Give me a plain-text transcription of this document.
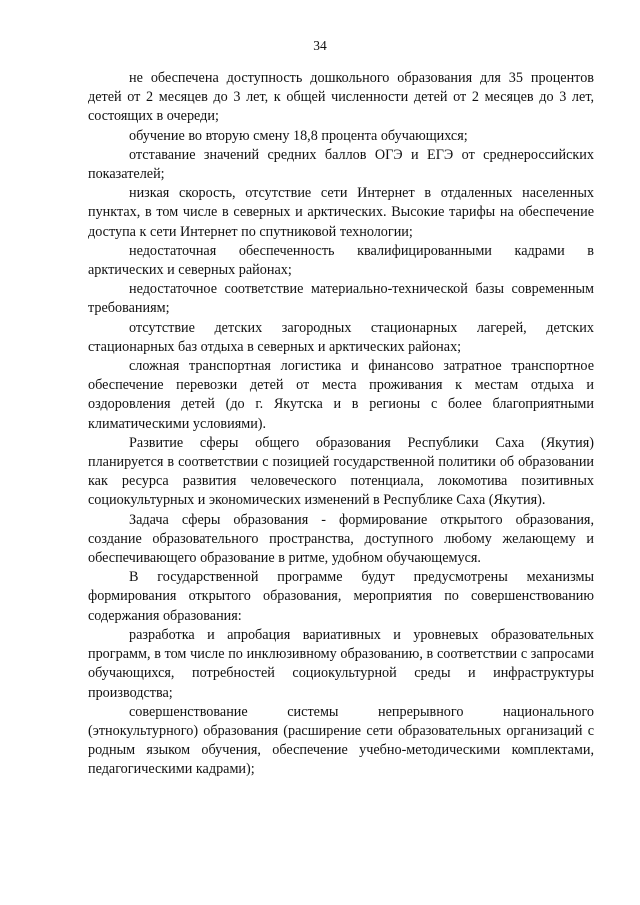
34

не обеспечена доступность дошкольного образования для 35 процентов детей от 2 месяцев до 3 лет, к общей численности детей от 2 месяцев до 3 лет, состоящих в очереди;

обучение во вторую смену 18,8 процента обучающихся;

отставание значений средних баллов ОГЭ и ЕГЭ от среднероссийских показателей;

низкая скорость, отсутствие сети Интернет в отдаленных населенных пунктах, в том числе в северных и арктических. Высокие тарифы на обеспечение доступа к сети Интернет по спутниковой технологии;

недостаточная обеспеченность квалифицированными кадрами в арктических и северных районах;

недостаточное соответствие материально-технической базы современным требованиям;

отсутствие детских загородных стационарных лагерей, детских стационарных баз отдыха в северных и арктических районах;

сложная транспортная логистика и финансово затратное транспортное обеспечение перевозки детей от места проживания к местам отдыха и оздоровления детей (до г. Якутска и в регионы с более благоприятными климатическими условиями).

Развитие сферы общего образования Республики Саха (Якутия) планируется в соответствии с позицией государственной политики об образовании как ресурса развития человеческого потенциала, локомотива позитивных социокультурных и экономических изменений в Республике Саха (Якутия).

Задача сферы образования - формирование открытого образования, создание образовательного пространства, доступного любому желающему и обеспечивающего образование в ритме, удобном обучающемуся.

В государственной программе будут предусмотрены механизмы формирования открытого образования, мероприятия по совершенствованию содержания образования:

разработка и апробация вариативных и уровневых образовательных программ, в том числе по инклюзивному образованию, в соответствии с запросами обучающихся, потребностей социокультурной среды и инфраструктуры производства;

совершенствование системы непрерывного национального (этнокультурного) образования (расширение сети образовательных организаций с родным языком обучения, обеспечение учебно-методическими комплектами, педагогическими кадрами);
